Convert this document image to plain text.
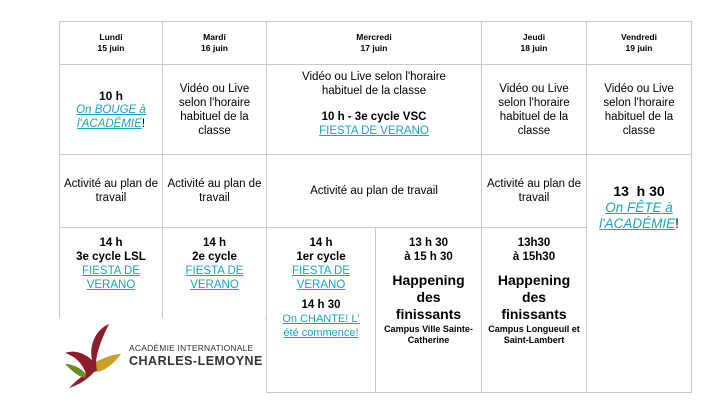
Lundi
15 juin
Mardi
16 juin
Mercredi
17 juin
Jeudi
18 juin
Vendredi
19 juin
10 h
On BOUGE à l'ACADÉMIE!
Vidéo ou Live selon l'horaire habituel de la classe
Vidéo ou Live selon l'horaire habituel de la classe
10 h - 3e cycle VSC
FIESTA DE VERANO
Vidéo ou Live selon l'horaire habituel de la classe
Vidéo ou Live selon l'horaire habituel de la classe
Activité au plan de travail
Activité au plan de travail
Activité au plan de travail
Activité au plan de travail	13  h 30
On FÊTE à l'ACADÉMIE!
14 h
3e cycle LSL
FIESTA DE VERANO
14 h
2e cycle
FIESTA DE VERANO
14 h
1er cycle
FIESTA DE VERANO
14 h 30
On CHANTE! L' été commence!
13 h 30
à 15 h 30
Happening des finissants
Campus Ville Sainte-Catherine
13h30
à 15h30
Happening des finissants
Campus Longueuil et Saint-Lambert
ACADÉMIE INTERNATIONALE
CHARLES-LEMOYNE
